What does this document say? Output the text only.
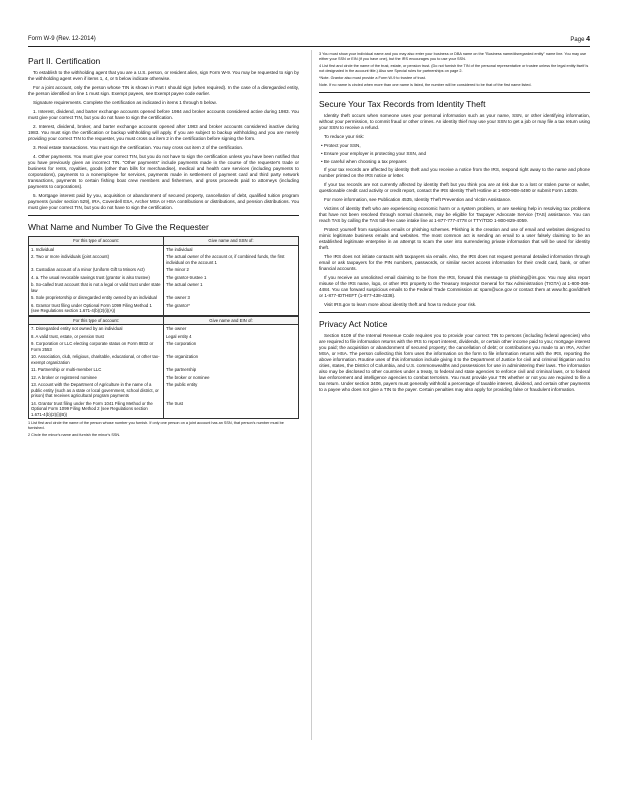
Form W-9 (Rev. 12-2014)	Page 4
Part II. Certification
To establish to the withholding agent that you are a U.S. person, or resident alien, sign Form W-9. You may be requested to sign by the withholding agent even if items 1, 4, or 5 below indicate otherwise.
For a joint account, only the person whose TIN is shown in Part I should sign (when required). In the case of a disregarded entity, the person identified on line 1 must sign. Exempt payees, see Exempt payee code earlier.
Signature requirements. Complete the certification as indicated in items 1 through 5 below.
1. Interest, dividend, and barter exchange accounts opened before 1984 and broker accounts considered active during 1983. You must give your correct TIN, but you do not have to sign the certification.
2. Interest, dividend, broker, and barter exchange accounts opened after 1983 and broker accounts considered inactive during 1983. You must sign the certification or backup withholding will apply. If you are subject to backup withholding and you are merely providing your correct TIN to the requester, you must cross out item 2 in the certification before signing the form.
3. Real estate transactions. You must sign the certification. You may cross out item 2 of the certification.
4. Other payments. You must give your correct TIN, but you do not have to sign the certification unless you have been notified that you have previously given an incorrect TIN. "Other payments" include payments made in the course of the requester's trade or business for rents, royalties, goods (other than bills for merchandise), medical and health care services (including payments to corporations), payments to a nonemployee for services, payments made in settlement of payment card and third party network transactions, payments to certain fishing boat crew members and fishermen, and gross proceeds paid to attorneys (including payments to corporations).
5. Mortgage interest paid by you, acquisition or abandonment of secured property, cancellation of debt, qualified tuition program payments (under section 529), IRA, Coverdell ESA, Archer MSA or HSA contributions or distributions, and pension distributions. You must give your correct TIN, but you do not have to sign the certification.
What Name and Number To Give the Requester
For this type of account:	Give name and SSN of:
1. Individual	The individual
2. Two or more individuals (joint account)	The actual owner of the account or, if combined funds, the first individual on the account 1
3. Custodian account of a minor (Uniform Gift to Minors Act)	The minor 2
4. a. The usual revocable savings trust (grantor is also trustee)	The grantor-trustee 1
b. So-called trust account that is not a legal or valid trust under state law	The actual owner 1
5. Sole proprietorship or disregarded entity owned by an individual	The owner 3
6. Grantor trust filing under Optional Form 1099 Filing Method 1 (see Regulations section 1.671-4(b)(2)(i)(A))	The grantor*
For this type of account:	Give name and EIN of:
7. Disregarded entity not owned by an individual	The owner
8. A valid trust, estate, or pension trust	Legal entity 4
9. Corporation or LLC electing corporate status on Form 8832 or Form 2553	The corporation
10. Association, club, religious, charitable, educational, or other tax-exempt organization	The organization
11. Partnership or multi-member LLC	The partnership
12. A broker or registered nominee	The broker or nominee
13. Account with the Department of Agriculture in the name of a public entity (such as a state or local government, school district, or prison) that receives agricultural program payments	The public entity
14. Grantor trust filing under the Form 1041 Filing Method or the Optional Form 1099 Filing Method 2 (see Regulations section 1.671-4(b)(2)(i)(B))	The trust
1 List first and circle the name of the person whose number you furnish. If only one person on a joint account has an SSN, that person's number must be furnished.
2 Circle the minor's name and furnish the minor's SSN.
3 You must show your individual name and you may also enter your business or DBA name on the "Business name/disregarded entity" name line. You may use either your SSN or EIN (if you have one), but the IRS encourages you to use your SSN.
4 List first and circle the name of the trust, estate, or pension trust. (Do not furnish the TIN of the personal representative or trustee unless the legal entity itself is not designated in the account title.) Also see Special rules for partnerships on page 2.
*Note. Grantor also must provide a Form W-9 to trustee of trust.
Note. If no name is circled when more than one name is listed, the number will be considered to be that of the first name listed.
Secure Your Tax Records from Identity Theft
Identity theft occurs when someone uses your personal information such as your name, SSN, or other identifying information, without your permission, to commit fraud or other crimes. An identity thief may use your SSN to get a job or may file a tax return using your SSN to receive a refund.
To reduce your risk:
• Protect your SSN,
• Ensure your employer is protecting your SSN, and
• Be careful when choosing a tax preparer.
If your tax records are affected by identity theft and you receive a notice from the IRS, respond right away to the name and phone number printed on the IRS notice or letter.
If your tax records are not currently affected by identity theft but you think you are at risk due to a lost or stolen purse or wallet, questionable credit card activity or credit report, contact the IRS Identity Theft Hotline at 1-800-908-4490 or submit Form 14039.
For more information, see Publication 4535, Identity Theft Prevention and Victim Assistance.
Victims of identity theft who are experiencing economic harm or a system problem, or are seeking help in resolving tax problems that have not been resolved through normal channels, may be eligible for Taxpayer Advocate Service (TAS) assistance. You can reach TAS by calling the TAS toll-free case intake line at 1-877-777-4778 or TTY/TDD 1-800-829-4059.
Protect yourself from suspicious emails or phishing schemes. Phishing is the creation and use of email and websites designed to mimic legitimate business emails and websites. The most common act is sending an email to a user falsely claiming to be an established legitimate enterprise in an attempt to scam the user into surrendering private information that will be used for identity theft.
The IRS does not initiate contacts with taxpayers via emails. Also, the IRS does not request personal detailed information through email or ask taxpayers for the PIN numbers, passwords, or similar secret access information for their credit card, bank, or other financial accounts.
If you receive an unsolicited email claiming to be from the IRS, forward this message to phishing@irs.gov. You may also report misuse of the IRS name, logo, or other IRS property to the Treasury Inspector General for Tax Administration (TIGTA) at 1-800-366-4484. You can forward suspicious emails to the Federal Trade Commission at: spam@uce.gov or contact them at www.ftc.gov/idtheft or 1-877-IDTHEFT (1-877-438-4338).
Visit IRS.gov to learn more about identity theft and how to reduce your risk.
Privacy Act Notice
Section 6109 of the Internal Revenue Code requires you to provide your correct TIN to persons (including federal agencies) who are required to file information returns with the IRS to report interest, dividends, or certain other income paid to you; mortgage interest you paid; the acquisition or abandonment of secured property; the cancellation of debt; or contributions you made to an IRA, Archer MSA, or HSA. The person collecting this form uses the information on the form to file information returns with the IRS, reporting the above information. Routine uses of this information include giving it to the Department of Justice for civil and criminal litigation and to cities, states, the District of Columbia, and U.S. commonwealths and possessions for use in administering their laws. The information also may be disclosed to other countries under a treaty, to federal and state agencies to enforce civil and criminal laws, or to federal law enforcement and intelligence agencies to combat terrorism. You must provide your TIN whether or not you are required to file a tax return. Under section 3406, payers must generally withhold a percentage of taxable interest, dividend, and certain other payments to a payee who does not give a TIN to the payer. Certain penalties may also apply for providing false or fraudulent information.
